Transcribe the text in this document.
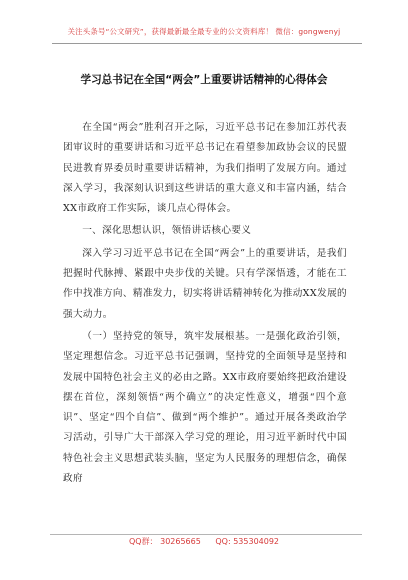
关注头条号“公文研究”，获得最新最全最专业的公文资料库！ 微信：gongwenyj
学习总书记在全国“两会”上重要讲话精神的心得体会

在全国“两会”胜利召开之际，习近平总书记在参加江苏代表团审议时的重要讲话和习近平总书记在看望参加政协会议的民盟民进教育界委员时重要讲话精神，为我们指明了发展方向。通过深入学习，我深刻认识到这些讲话的重大意义和丰富内涵，结合XX市政府工作实际，谈几点心得体会。

一、深化思想认识，领悟讲话核心要义

深入学习习近平总书记在全国“两会”上的重要讲话，是我们把握时代脉搏、紧跟中央步伐的关键。只有学深悟透，才能在工作中找准方向、精准发力，切实将讲话精神转化为推动XX发展的强大动力。

（一）坚持党的领导，筑牢发展根基。一是强化政治引领，坚定理想信念。习近平总书记强调，坚持党的全面领导是坚持和发展中国特色社会主义的必由之路。XX市政府要始终把政治建设摆在首位，深刻领悟“两个确立”的决定性意义，增强“四个意识”、坚定“四个自信”、做到“两个维护”。通过开展各类政治学习活动，引导广大干部深入学习党的理论，用习近平新时代中国特色社会主义思想武装头脑，坚定为人民服务的理想信念，确保政府

QQ群： 30265665 QQ: 535304092
